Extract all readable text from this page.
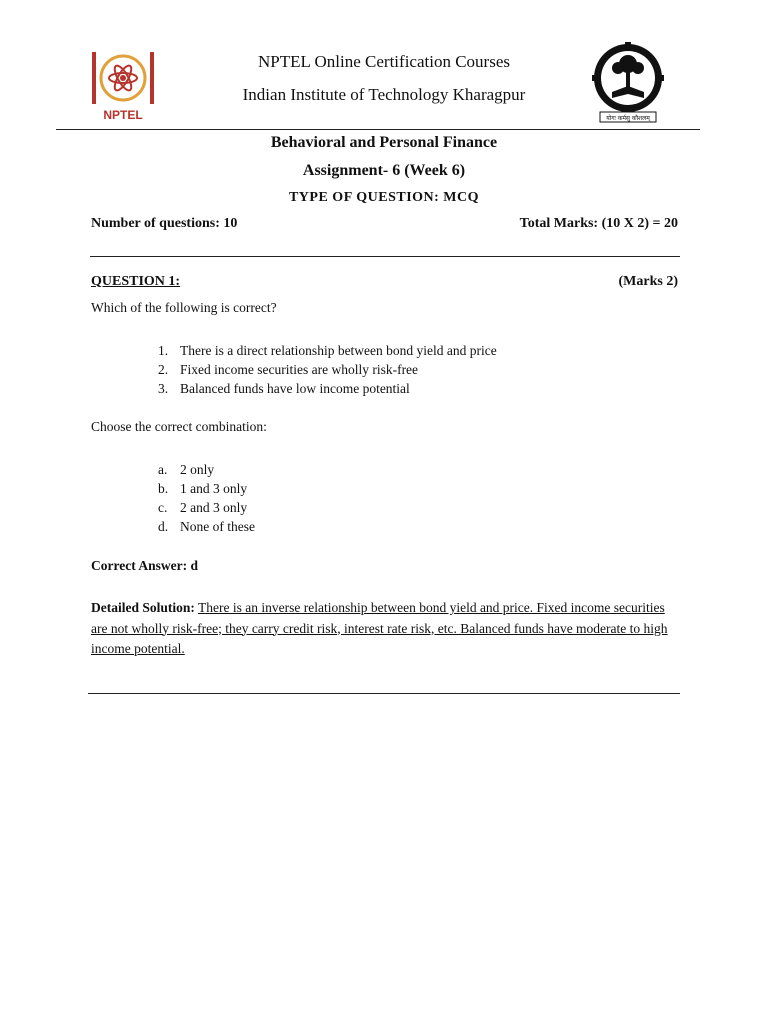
NPTEL	योगः कर्मसु कौशलम्
NPTEL Online Certification Courses
Indian Institute of Technology Kharagpur
Behavioral and Personal Finance
Assignment- 6 (Week 6)
TYPE OF QUESTION: MCQ
Number of questions: 10	Total Marks: (10 X 2) = 20
QUESTION 1:	(Marks 2)
Which of the following is correct?
1. There is a direct relationship between bond yield and price
2. Fixed income securities are wholly risk-free
3. Balanced funds have low income potential
Choose the correct combination:
a. 2 only
b. 1 and 3 only
c. 2 and 3 only
d. None of these
Correct Answer: d
Detailed Solution: There is an inverse relationship between bond yield and price. Fixed income securities are not wholly risk-free; they carry credit risk, interest rate risk, etc. Balanced funds have moderate to high income potential.
